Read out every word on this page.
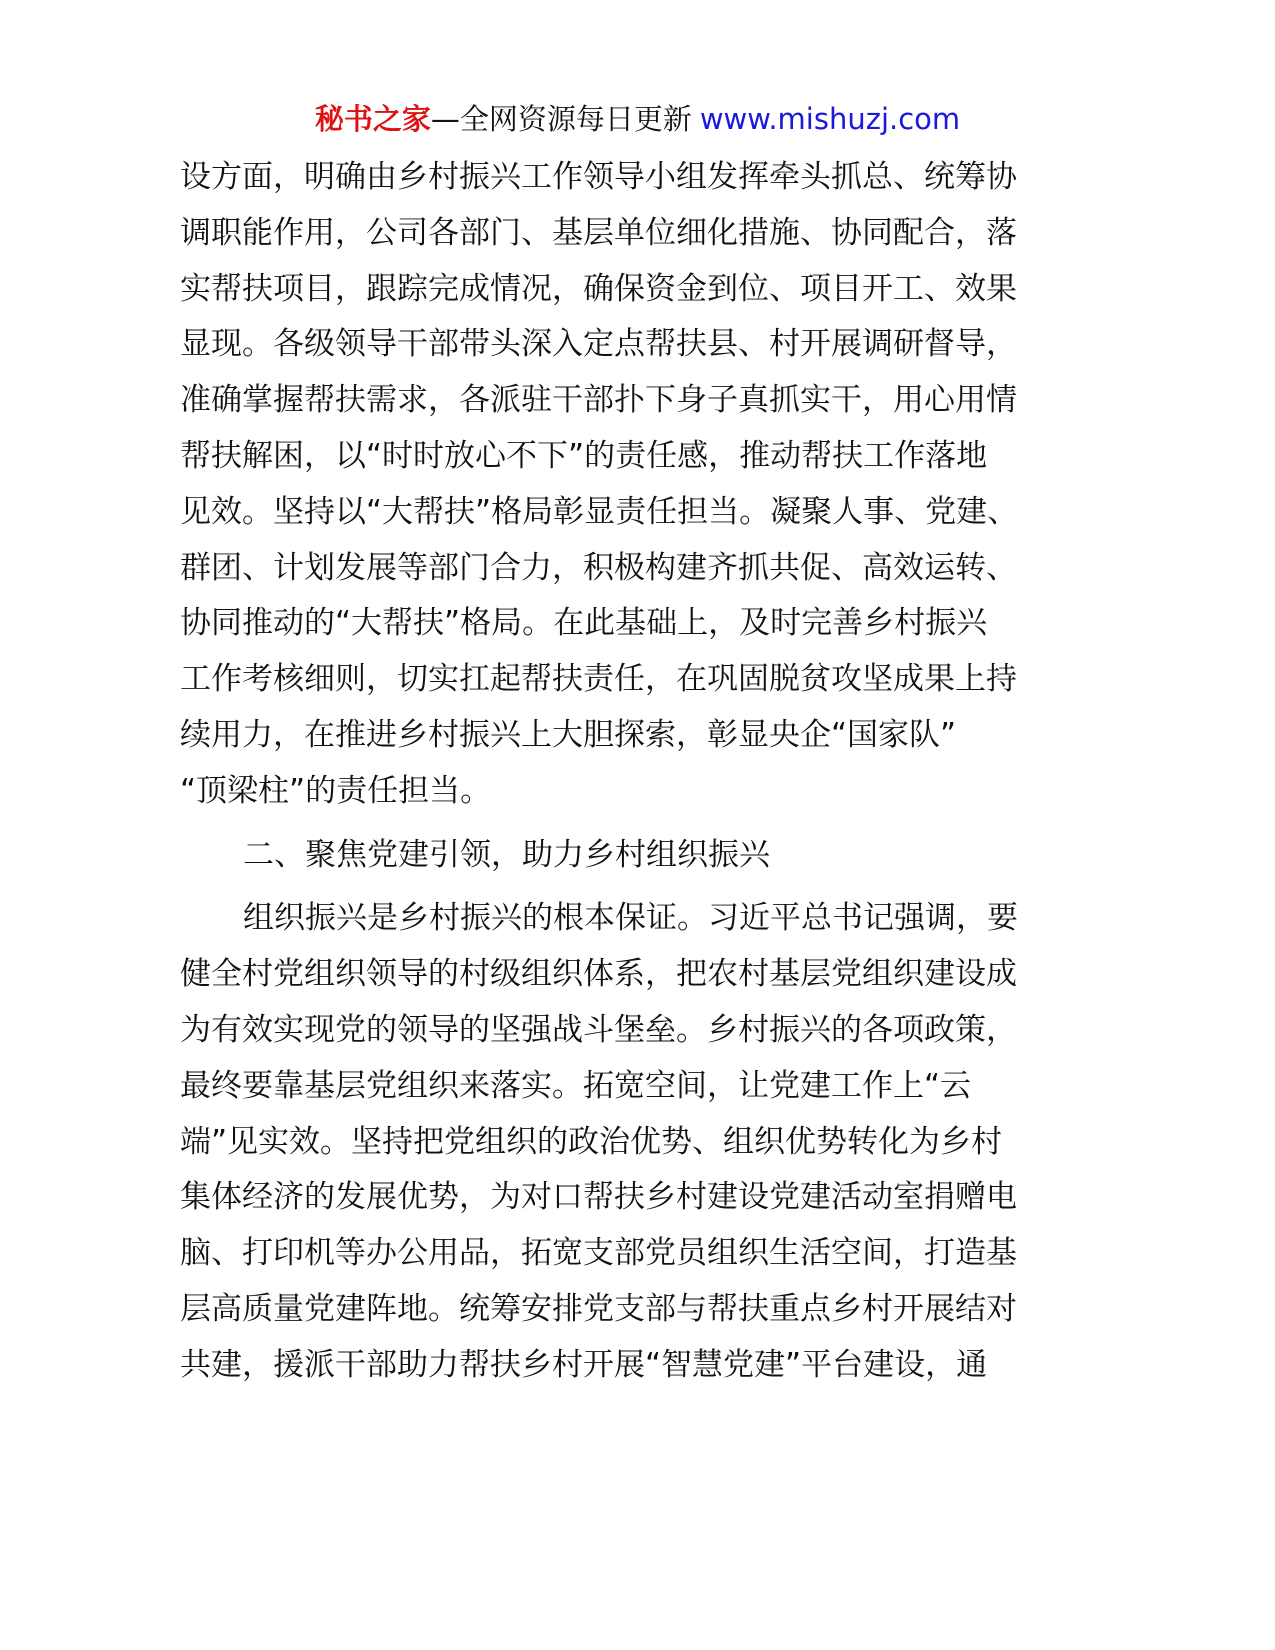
秘书之家—全网资源每日更新 www.mishuzj.com
设方面，明确由乡村振兴工作领导小组发挥牵头抓总、统筹协
调职能作用，公司各部门、基层单位细化措施、协同配合，落
实帮扶项目，跟踪完成情况，确保资金到位、项目开工、效果
显现。各级领导干部带头深入定点帮扶县、村开展调研督导，
准确掌握帮扶需求，各派驻干部扑下身子真抓实干，用心用情
帮扶解困，以“时时放心不下”的责任感，推动帮扶工作落地
见效。坚持以“大帮扶”格局彰显责任担当。凝聚人事、党建、
群团、计划发展等部门合力，积极构建齐抓共促、高效运转、
协同推动的“大帮扶”格局。在此基础上，及时完善乡村振兴
工作考核细则，切实扛起帮扶责任，在巩固脱贫攻坚成果上持
续用力，在推进乡村振兴上大胆探索，彰显央企“国家队”
“顶梁柱”的责任担当。
二、聚焦党建引领，助力乡村组织振兴
组织振兴是乡村振兴的根本保证。习近平总书记强调，要
健全村党组织领导的村级组织体系，把农村基层党组织建设成
为有效实现党的领导的坚强战斗堡垒。乡村振兴的各项政策，
最终要靠基层党组织来落实。拓宽空间，让党建工作上“云
端”见实效。坚持把党组织的政治优势、组织优势转化为乡村
集体经济的发展优势，为对口帮扶乡村建设党建活动室捐赠电
脑、打印机等办公用品，拓宽支部党员组织生活空间，打造基
层高质量党建阵地。统筹安排党支部与帮扶重点乡村开展结对
共建，援派干部助力帮扶乡村开展“智慧党建”平台建设，通
